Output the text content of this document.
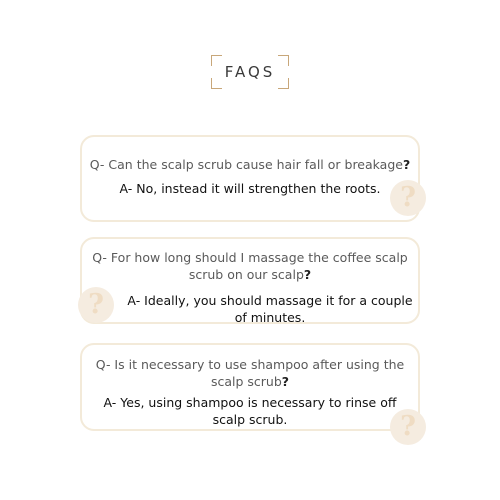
FAQS

Q- Can the scalp scrub cause hair fall or breakage?

A- No, instead it will strengthen the roots.

Q- For how long should I massage the coffee scalp
scrub on our scalp?

A- Ideally, you should massage it for a couple
of minutes.

Q- Is it necessary to use shampoo after using the
scalp scrub?

A- Yes, using shampoo is necessary to rinse off
scalp scrub.

?
?
?
